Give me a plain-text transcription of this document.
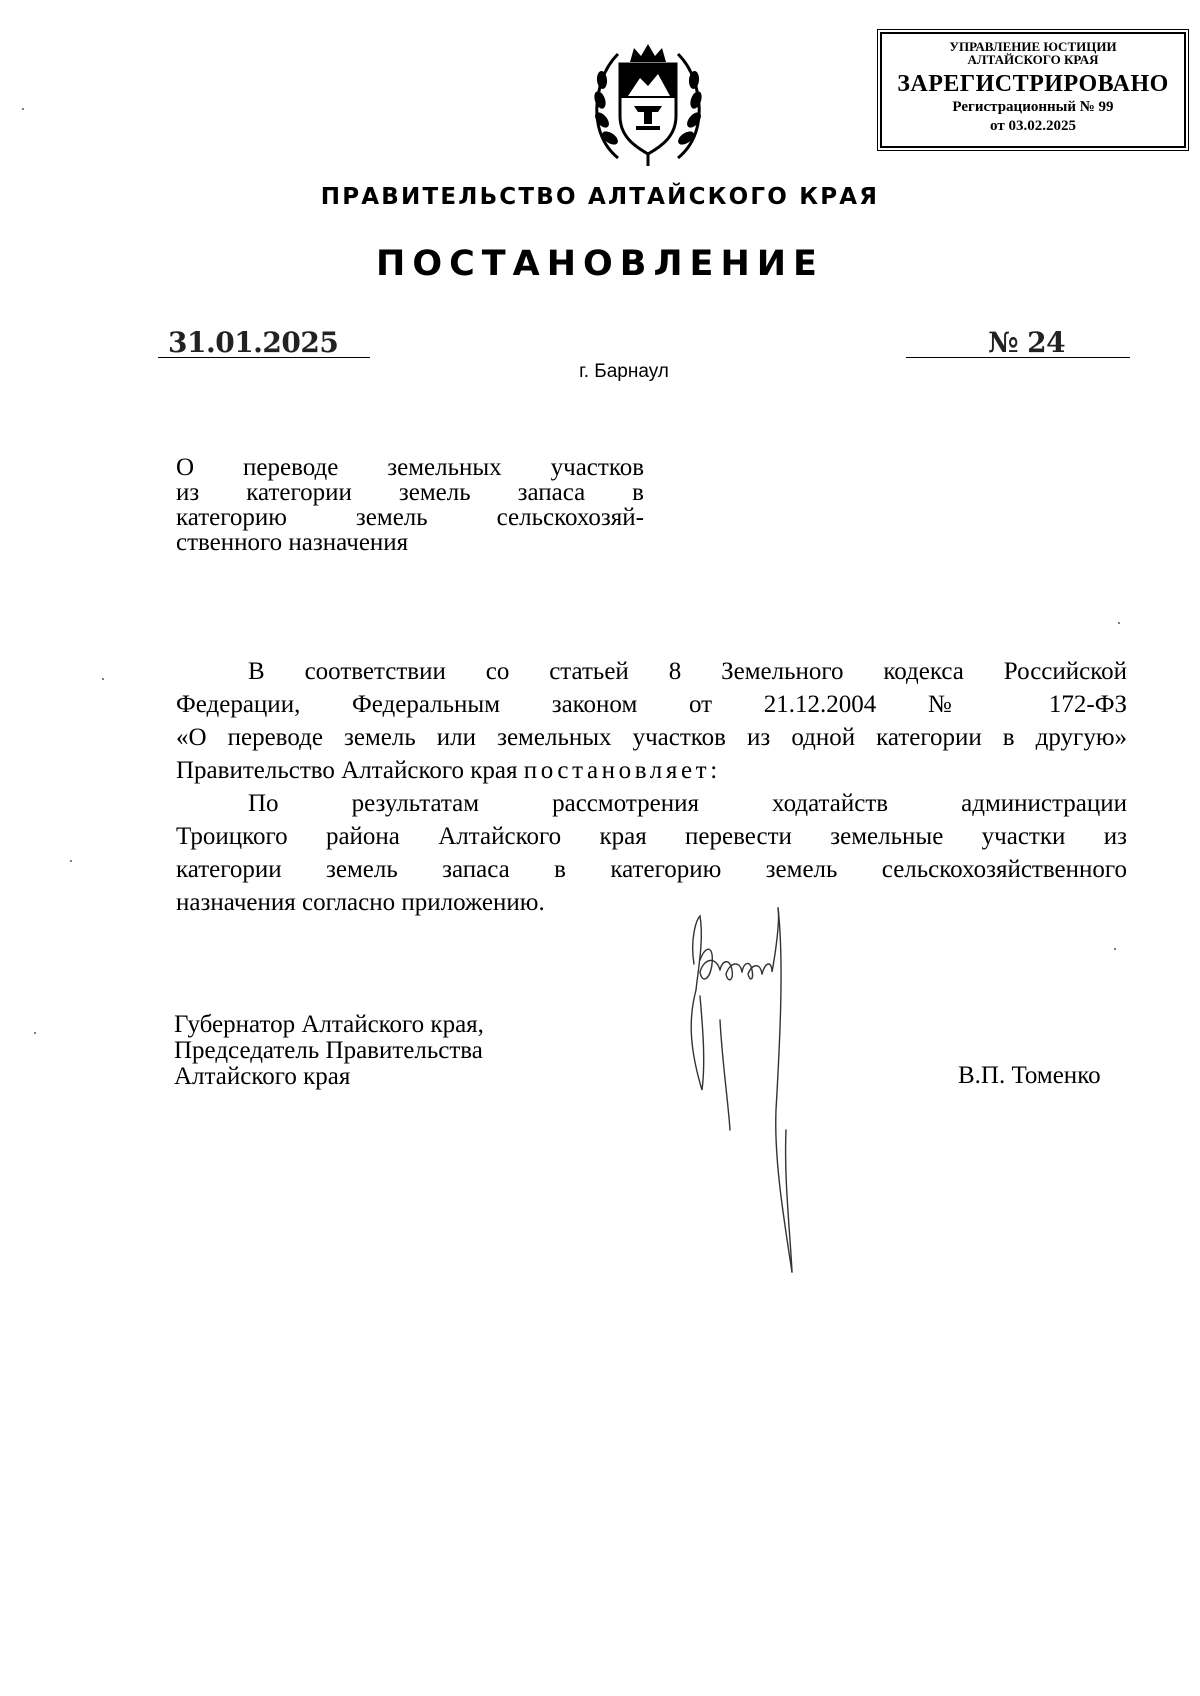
УПРАВЛЕНИЕ ЮСТИЦИИ
АЛТАЙСКОГО КРАЯ
ЗАРЕГИСТРИРОВАНО
Регистрационный № 99
от 03.02.2025
ПРАВИТЕЛЬСТВО АЛТАЙСКОГО КРАЯ
ПОСТАНОВЛЕНИЕ
31.01.2025	№ 24
г. Барнаул
О переводе земельных участков
из категории земель запаса в
категорию земель сельскохозяй-
ственного назначения
В соответствии со статьей 8 Земельного кодекса Российской
Федерации, Федеральным законом от 21.12.2004 № 172-ФЗ
«О переводе земель или земельных участков из одной категории в другую»
Правительство Алтайского края постановляет:
По результатам рассмотрения ходатайств администрации
Троицкого района Алтайского края перевести земельные участки из
категории земель запаса в категорию земель сельскохозяйственного
назначения согласно приложению.
Губернатор Алтайского края,
Председатель Правительства
Алтайского края	В.П. Томенко
